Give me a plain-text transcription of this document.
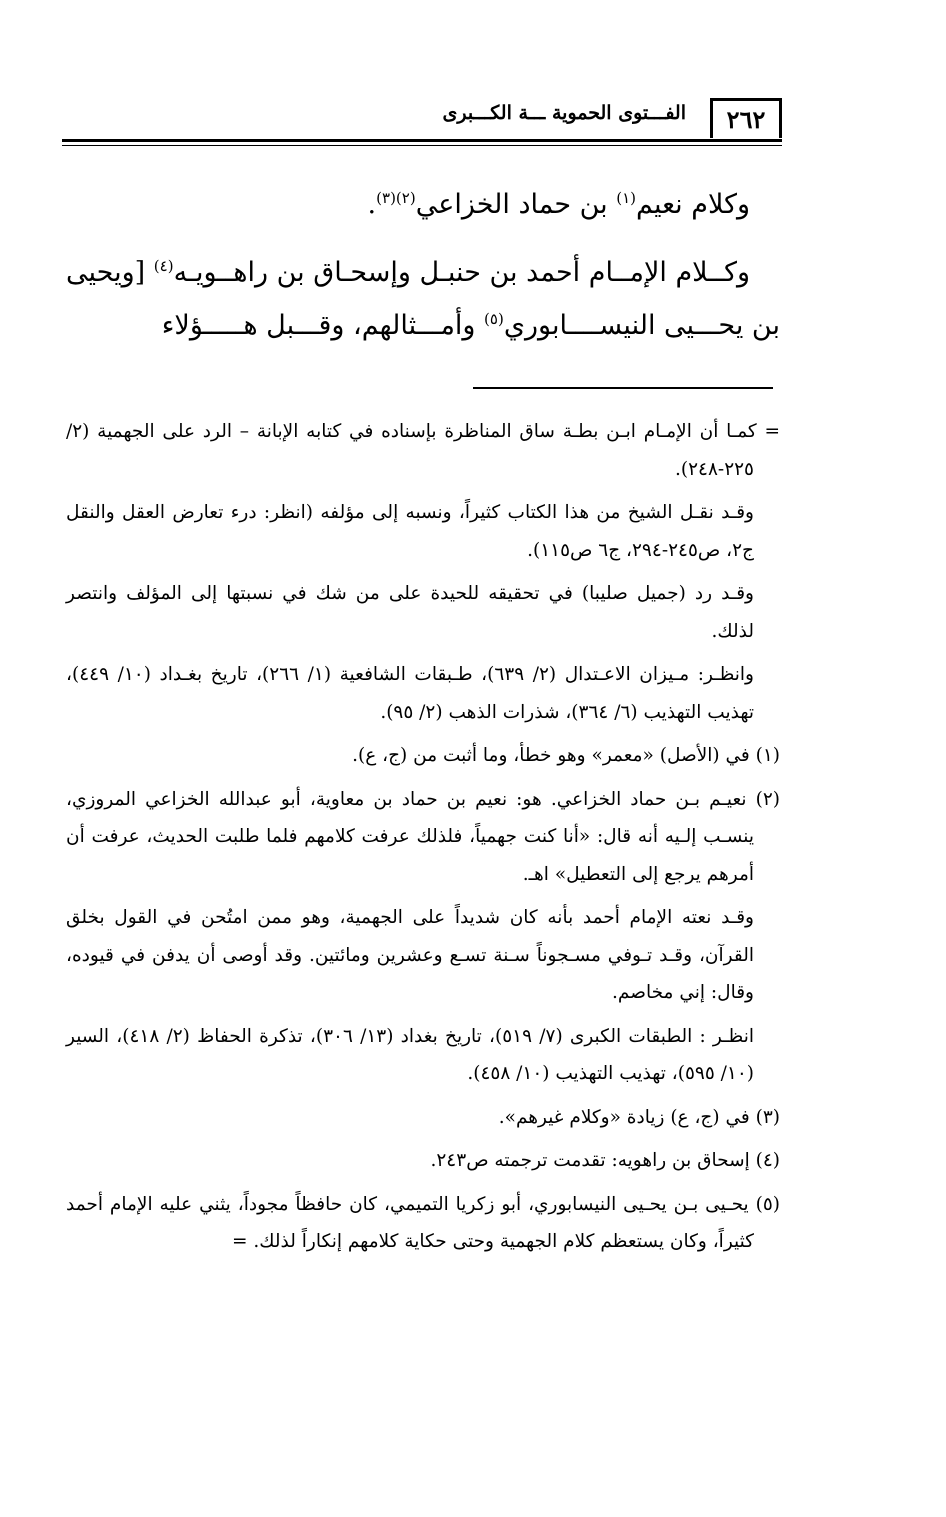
٢٦٢
الفـــتوى الحموية ـــة الكـــبرى

وكلام نعيم$^{(١)}$ بن حماد الخزاعي$^{(٢)(٣)}$.

وكــلام الإمــام أحمد بن حنبـل وإسحـاق بن راهــويـه$^{(٤)}$ [ويحيى بن يحـــيى النيســــابوري$^{(٥)}$ وأمـــثالهم، وقـــبل هـــــؤلاء

= كمـا أن الإمـام ابـن بطـة ساق المناظرة بإسناده في كتابه الإبانة – الرد على الجهمية (٢/ ٢٢٥-٢٤٨).

وقـد نقـل الشيخ من هذا الكتاب كثيراً، ونسبه إلى مؤلفه (انظر: درء تعارض العقل والنقل ج٢، ص٢٤٥-٢٩٤، ج٦ ص١١٥).

وقـد رد (جميل صليبا) في تحقيقه للحيدة على من شك في نسبتها إلى المؤلف وانتصر لذلك.

وانظـر: مـيزان الاعـتدال (٢/ ٦٣٩)، طـبقات الشافعية (١/ ٢٦٦)، تاريخ بغـداد (١٠/ ٤٤٩)، تهذيب التهذيب (٦/ ٣٦٤)، شذرات الذهب (٢/ ٩٥).

(١) في (الأصل) «معمر» وهو خطأ، وما أثبت من (ج، ع).

(٢) نعيـم بـن حماد الخزاعي. هو: نعيم بن حماد بن معاوية، أبو عبدالله الخزاعي المروزي، ينسـب إلـيه أنه قال: «أنا كنت جهمياً، فلذلك عرفت كلامهم فلما طلبت الحديث، عرفت أن أمرهم يرجع إلى التعطيل» اهـ.

وقـد نعته الإمام أحمد بأنه كان شديداً على الجهمية، وهو ممن امتُحن في القول بخلق القرآن، وقـد تـوفي مسـجوناً سـنة تسـع وعشرين ومائتين. وقد أوصى أن يدفن في قيوده، وقال: إني مخاصم.

انظـر : الطبقات الكبرى (٧/ ٥١٩)، تاريخ بغداد (١٣/ ٣٠٦)، تذكرة الحفاظ (٢/ ٤١٨)، السير (١٠/ ٥٩٥)، تهذيب التهذيب (١٠/ ٤٥٨).

(٣) في (ج، ع) زيادة «وكلام غيرهم».

(٤) إسحاق بن راهويه: تقدمت ترجمته ص٢٤٣.

(٥) يحـيى بـن يحـيى النيسابوري، أبو زكريا التميمي، كان حافظاً مجوداً، يثني عليه الإمام أحمد كثيراً، وكان يستعظم كلام الجهمية وحتى حكاية كلامهم إنكاراً لذلك. =
